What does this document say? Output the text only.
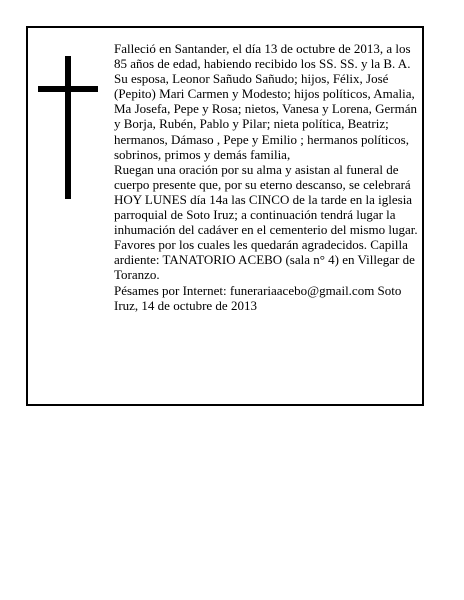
Falleció en Santander, el día 13 de octubre de 2013, a los 85 años de edad, habiendo recibido los SS. SS. y la B. A.

Su esposa, Leonor Sañudo Sañudo; hijos, Félix, José (Pepito) Mari Carmen y Modesto; hijos políticos, Amalia, Ma Josefa, Pepe y Rosa; nietos, Vanesa y Lorena, Germán y Borja, Rubén, Pablo y Pilar; nieta política, Beatriz; hermanos, Dámaso , Pepe y Emilio ; hermanos políticos, sobrinos, primos y demás familia,

Ruegan una oración por su alma y asistan al funeral de cuerpo presente que, por su eterno descanso, se celebrará HOY LUNES día 14a las CINCO de la tarde en la iglesia parroquial de Soto Iruz; a continuación tendrá lugar la inhumación del cadáver en el cementerio del mismo lugar. Favores por los cuales les quedarán agradecidos. Capilla ardiente: TANATORIO ACEBO (sala n° 4) en Villegar de Toranzo.

Pésames por Internet: funerariaacebo@gmail.com Soto Iruz, 14 de octubre de 2013
